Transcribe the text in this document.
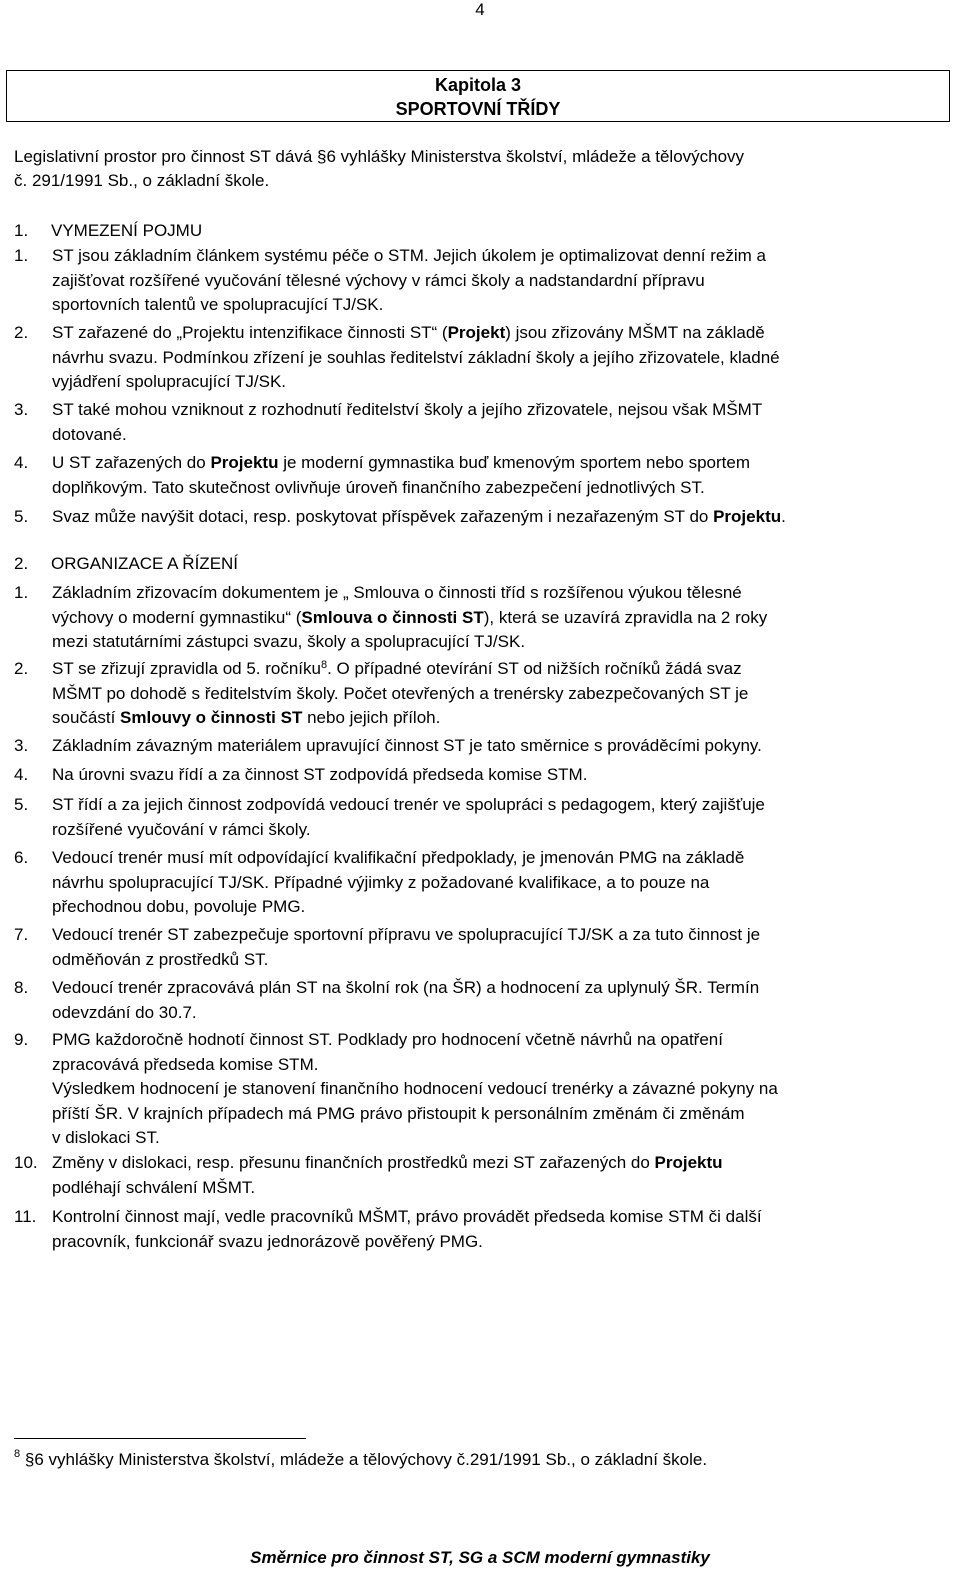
4
Kapitola 3
SPORTOVNÍ TŘÍDY
Legislativní prostor pro činnost ST dává §6 vyhlášky Ministerstva školství, mládeže a tělovýchovy
č. 291/1991 Sb., o základní škole.
1. VYMEZENÍ POJMU
1.	ST jsou základním článkem systému péče o STM. Jejich úkolem je optimalizovat denní režim a
zajišťovat rozšířené vyučování tělesné výchovy v rámci školy a nadstandardní přípravu
sportovních talentů ve spolupracující TJ/SK.
2.	ST zařazené do „Projektu intenzifikace činnosti ST“ (Projekt) jsou zřizovány MŠMT na základě
návrhu svazu. Podmínkou zřízení je souhlas ředitelství základní školy a jejího zřizovatele, kladné
vyjádření spolupracující TJ/SK.
3.	ST také mohou vzniknout z rozhodnutí ředitelství školy a jejího zřizovatele, nejsou však MŠMT
dotované.
4.	U ST zařazených do Projektu je moderní gymnastika buď kmenovým sportem nebo sportem
doplňkovým. Tato skutečnost ovlivňuje úroveň finančního zabezpečení jednotlivých ST.
5.	Svaz může navýšit dotaci, resp. poskytovat příspěvek zařazeným i nezařazeným ST do Projektu.
2. ORGANIZACE A ŘÍZENÍ
1.	Základním zřizovacím dokumentem je „ Smlouva o činnosti tříd s rozšířenou výukou tělesné
výchovy o moderní gymnastiku“ (Smlouva o činnosti ST), která se uzavírá zpravidla na 2 roky
mezi statutárními zástupci svazu, školy a spolupracující TJ/SK.
2.	ST se zřizují zpravidla od 5. ročníku$^8$. O případné otevírání ST od nižších ročníků žádá svaz
MŠMT po dohodě s ředitelstvím školy. Počet otevřených a trenérsky zabezpečovaných ST je
součástí Smlouvy o činnosti ST nebo jejich příloh.
3.	Základním závazným materiálem upravující činnost ST je tato směrnice s prováděcími pokyny.
4.	Na úrovni svazu řídí a za činnost ST zodpovídá předseda komise STM.
5.	ST řídí a za jejich činnost zodpovídá vedoucí trenér ve spolupráci s pedagogem, který zajišťuje
rozšířené vyučování v rámci školy.
6.	Vedoucí trenér musí mít odpovídající kvalifikační předpoklady, je jmenován PMG na základě
návrhu spolupracující TJ/SK. Případné výjimky z požadované kvalifikace, a to pouze na
přechodnou dobu, povoluje PMG.
7.	Vedoucí trenér ST zabezpečuje sportovní přípravu ve spolupracující TJ/SK a za tuto činnost je
odměňován z prostředků ST.
8.	Vedoucí trenér zpracovává plán ST na školní rok (na ŠR) a hodnocení za uplynulý ŠR. Termín
odevzdání do 30.7.
9.	PMG každoročně hodnotí činnost ST. Podklady pro hodnocení včetně návrhů na opatření
zpracovává předseda komise STM.
Výsledkem hodnocení je stanovení finančního hodnocení vedoucí trenérky a závazné pokyny na
příští ŠR. V krajních případech má PMG právo přistoupit k personálním změnám či změnám
v dislokaci ST.
10. Změny v dislokaci, resp. přesunu finančních prostředků mezi ST zařazených do Projektu
podléhají schválení MŠMT.
11. Kontrolní činnost mají, vedle pracovníků MŠMT, právo provádět předseda komise STM či další
pracovník, funkcionář svazu jednorázově pověřený PMG.
$^8$ §6 vyhlášky Ministerstva školství, mládeže a tělovýchovy č.291/1991 Sb., o základní škole.
Směrnice pro činnost ST, SG a SCM moderní gymnastiky
